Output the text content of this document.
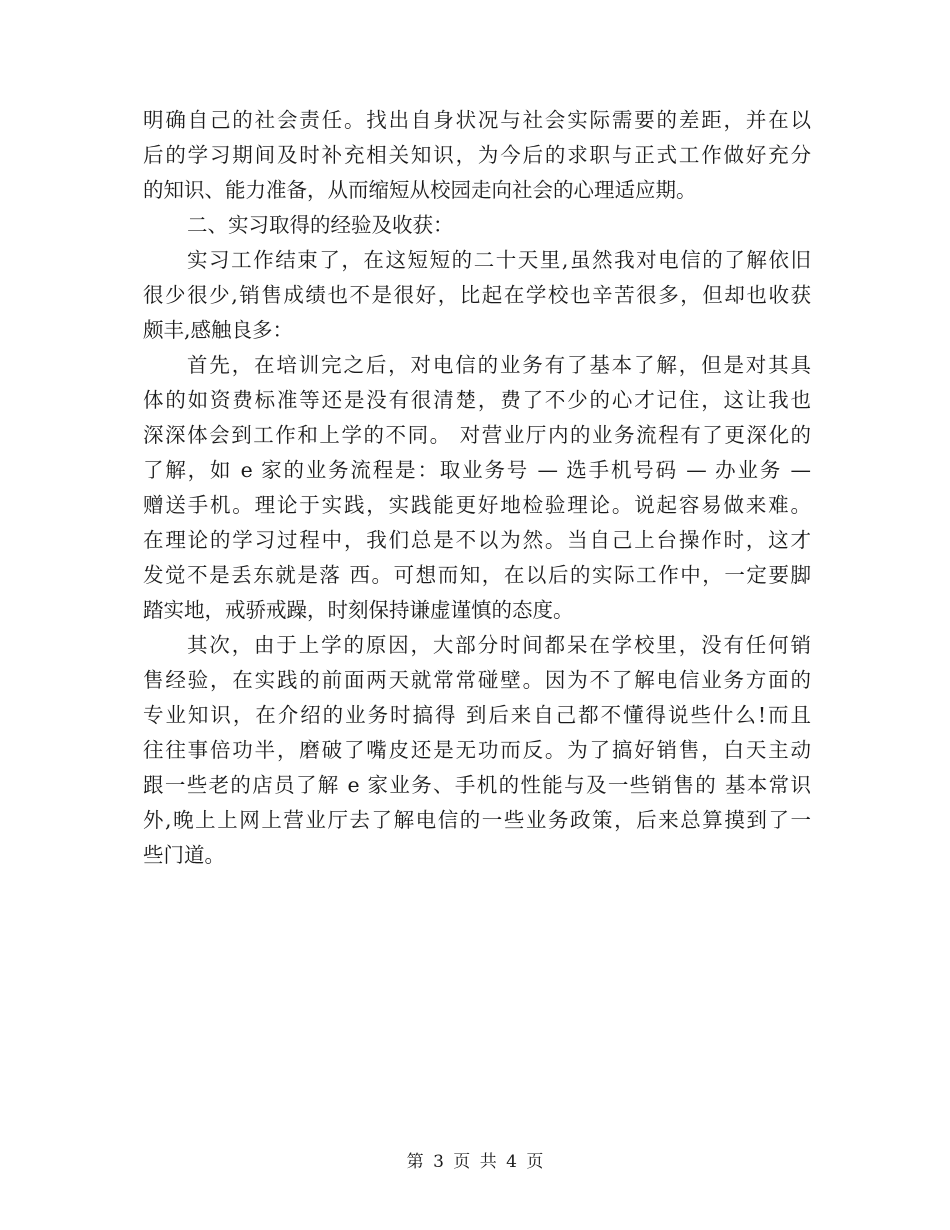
明确自己的社会责任。找出自身状况与社会实际需要的差距，并在以
后的学习期间及时补充相关知识，为今后的求职与正式工作做好充分
的知识、能力准备，从而缩短从校园走向社会的心理适应期。
二、实习取得的经验及收获：
实习工作结束了，在这短短的二十天里,虽然我对电信的了解依旧
很少很少,销售成绩也不是很好，比起在学校也辛苦很多，但却也收获
颇丰,感触良多：
首先，在培训完之后，对电信的业务有了基本了解，但是对其具
体的如资费标准等还是没有很清楚，费了不少的心才记住，这让我也
深深体会到工作和上学的不同。 对营业厅内的业务流程有了更深化的
了解，如 e 家的业务流程是：取业务号 — 选手机号码 — 办业务 —
赠送手机。理论于实践，实践能更好地检验理论。说起容易做来难。
在理论的学习过程中，我们总是不以为然。当自己上台操作时，这才
发觉不是丢东就是落 西。可想而知，在以后的实际工作中，一定要脚
踏实地，戒骄戒躁，时刻保持谦虚谨慎的态度。
其次，由于上学的原因，大部分时间都呆在学校里，没有任何销
售经验，在实践的前面两天就常常碰壁。因为不了解电信业务方面的
专业知识，在介绍的业务时搞得 到后来自己都不懂得说些什么!而且
往往事倍功半，磨破了嘴皮还是无功而反。为了搞好销售，白天主动
跟一些老的店员了解 e 家业务、手机的性能与及一些销售的 基本常识
外,晚上上网上营业厅去了解电信的一些业务政策，后来总算摸到了一
些门道。
第 3 页 共 4 页
